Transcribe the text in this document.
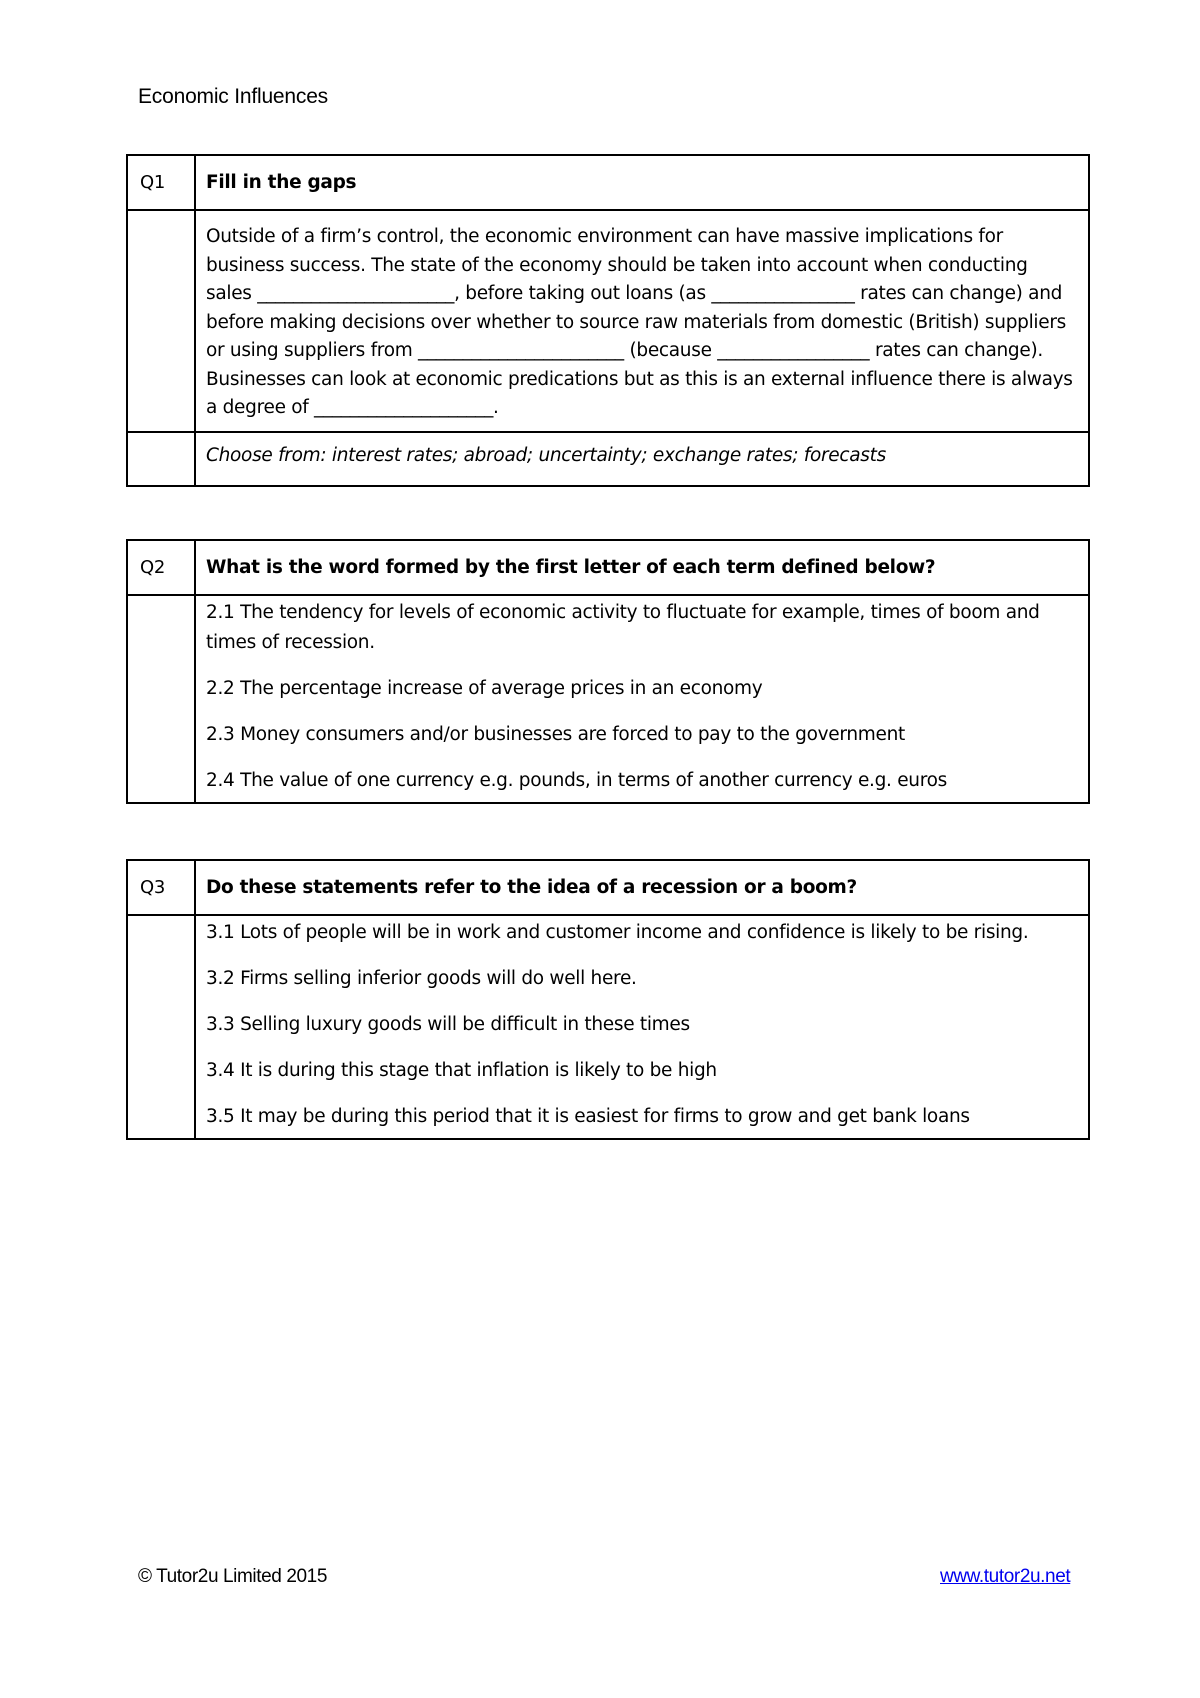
Economic Influences
Q1	Fill in the gaps
	Outside of a firm’s control, the economic environment can have massive implications for business success. The state of the economy should be taken into account when conducting sales ______________________, before taking out loans (as ________________ rates can change) and before making decisions over whether to source raw materials from domestic (British) suppliers or using suppliers from _______________________ (because _________________ rates can change). Businesses can look at economic predications but as this is an external influence there is always a degree of ____________________.
	Choose from: interest rates; abroad; uncertainty; exchange rates; forecasts
Q2	What is the word formed by the first letter of each term defined below?

	2.1 The tendency for levels of economic activity to fluctuate for example, times of boom and times of recession.
2.2 The percentage increase of average prices in an economy
2.3 Money consumers and/or businesses are forced to pay to the government
2.4 The value of one currency e.g. pounds, in terms of another currency e.g. euros
Q3	Do these statements refer to the idea of a recession or a boom?

	3.1 Lots of people will be in work and customer income and confidence is likely to be rising.
3.2 Firms selling inferior goods will do well here.
3.3 Selling luxury goods will be difficult in these times
3.4 It is during this stage that inflation is likely to be high
3.5 It may be during this period that it is easiest for firms to grow and get bank loans
© Tutor2u Limited 2015	www.tutor2u.net
